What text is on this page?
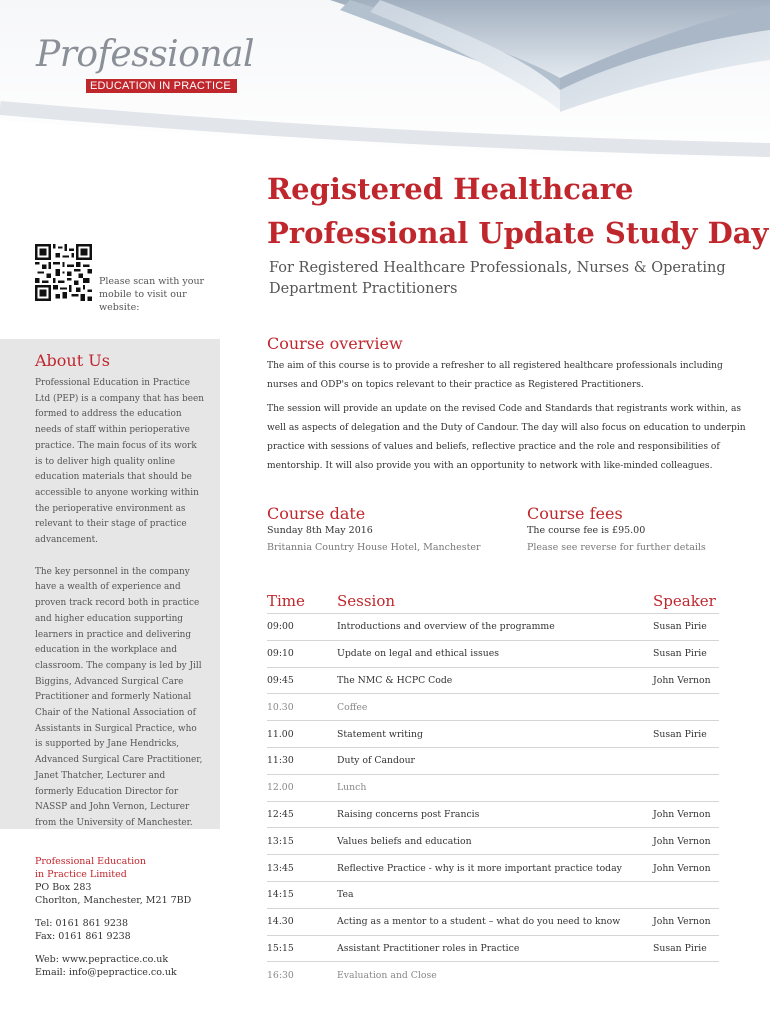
Professional
EDUCATION IN PRACTICE
Registered Healthcare
Professional Update Study Day
For Registered Healthcare Professionals, Nurses & Operating Department Practitioners
Please scan with your mobile to visit our website:
About Us

Professional Education in Practice Ltd (PEP) is a company that has been formed to address the education needs of staff within perioperative practice. The main focus of its work is to deliver high quality online education materials that should be accessible to anyone working within the perioperative environment as relevant to their stage of practice advancement.

The key personnel in the company have a wealth of experience and proven track record both in practice and higher education supporting learners in practice and delivering education in the workplace and classroom. The company is led by Jill Biggins, Advanced Surgical Care Practitioner and formerly National Chair of the National Association of Assistants in Surgical Practice, who is supported by Jane Hendricks, Advanced Surgical Care Practitioner, Janet Thatcher, Lecturer and formerly Education Director for NASSP and John Vernon, Lecturer from the University of Manchester.

Professional Education
in Practice Limited
PO Box 283
Chorlton, Manchester, M21 7BD
Tel: 0161 861 9238
Fax: 0161 861 9238
Web: www.pepractice.co.uk
Email: info@pepractice.co.uk
Course overview

The aim of this course is to provide a refresher to all registered healthcare professionals including nurses and ODP's on topics relevant to their practice as Registered Practitioners.

The session will provide an update on the revised Code and Standards that registrants work within, as well as aspects of delegation and the Duty of Candour. The day will also focus on education to underpin practice with sessions of values and beliefs, reflective practice and the role and responsibilities of mentorship. It will also provide you with an opportunity to network with like-minded colleagues.

Course date
Sunday 8th May 2016
Britannia Country House Hotel, Manchester
Course fees
The course fee is £95.00
Please see reverse for further details
Time	Session	Speaker
09:00	Introductions and overview of the programme	Susan Pirie
09:10	Update on legal and ethical issues	Susan Pirie
09:45	The NMC & HCPC Code	John Vernon
10.30	Coffee
11.00	Statement writing	Susan Pirie
11:30	Duty of Candour
12.00	Lunch
12:45	Raising concerns post Francis	John Vernon
13:15	Values beliefs and education	John Vernon
13:45	Reflective Practice - why is it more important practice today	John Vernon
14:15	Tea
14.30	Acting as a mentor to a student – what do you need to know	John Vernon
15:15	Assistant Practitioner roles in Practice	Susan Pirie
16:30	Evaluation and Close
